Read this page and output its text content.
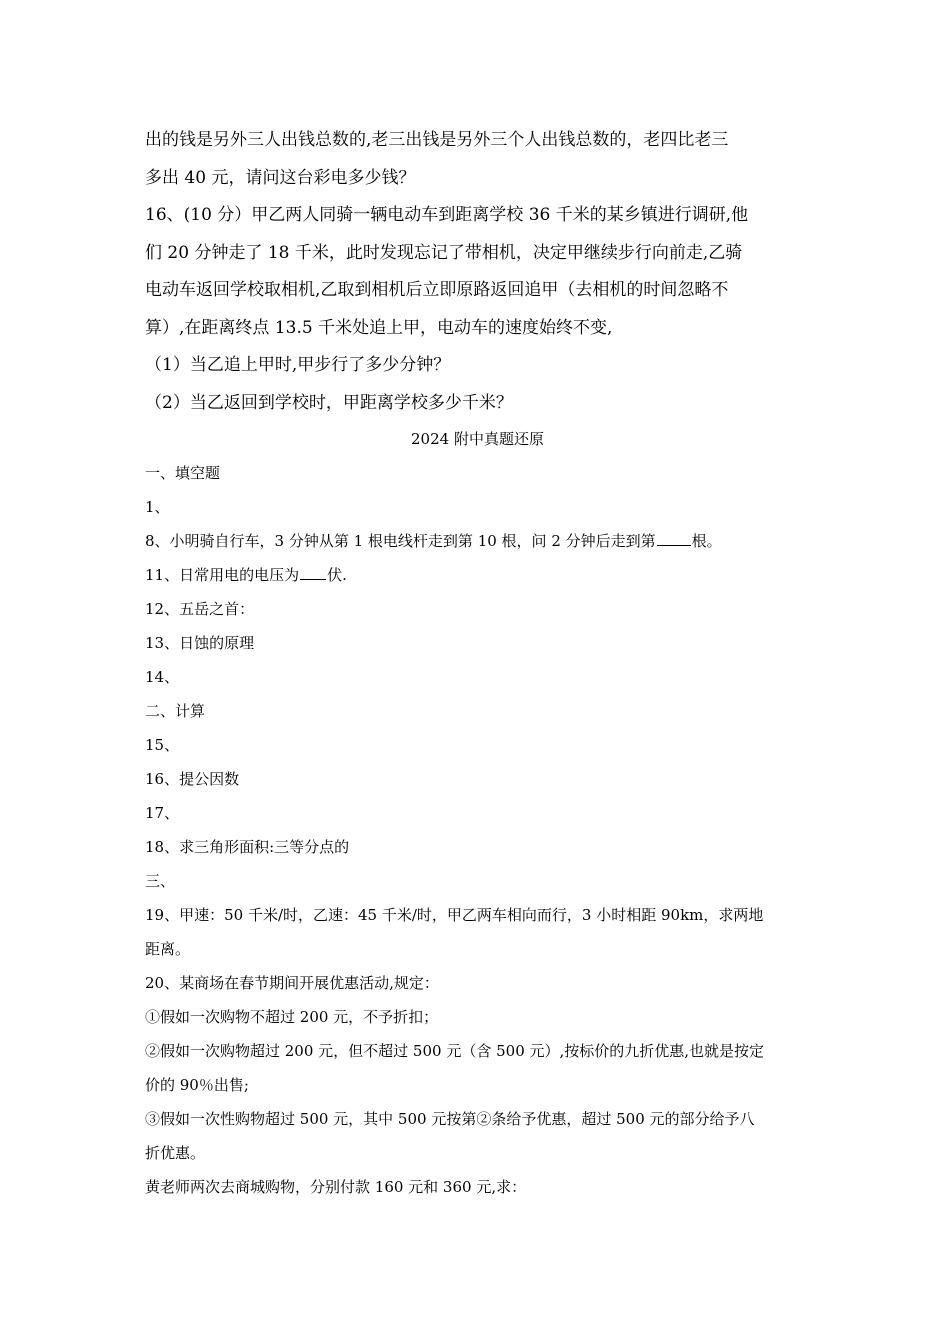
出的钱是另外三人出钱总数的,老三出钱是另外三个人出钱总数的，老四比老三

多出 40 元，请问这台彩电多少钱？

16、(10 分）甲乙两人同骑一辆电动车到距离学校 36 千米的某乡镇进行调研,他

们 20 分钟走了 18 千米，此时发现忘记了带相机，决定甲继续步行向前走,乙骑

电动车返回学校取相机,乙取到相机后立即原路返回追甲（去相机的时间忽略不

算）,在距离终点 13.5 千米处追上甲，电动车的速度始终不变,

（1）当乙追上甲时,甲步行了多少分钟？

（2）当乙返回到学校时，甲距离学校多少千米？

2024 附中真题还原

一、填空题

1、

8、小明骑自行车，3 分钟从第 1 根电线杆走到第 10 根，问 2 分钟后走到第 根。

11、日常用电的电压为 伏.

12、五岳之首：

13、日蚀的原理

14、

二、计算

15、

16、提公因数

17、

18、求三角形面积:三等分点的

三、

19、甲速：50 千米/时，乙速：45 千米/时，甲乙两车相向而行，3 小时相距 90km，求两地

距离。

20、某商场在春节期间开展优惠活动,规定：

①假如一次购物不超过 200 元，不予折扣；

②假如一次购物超过 200 元，但不超过 500 元（含 500 元）,按标价的九折优惠,也就是按定

价的 90％出售;

③假如一次性购物超过 500 元，其中 500 元按第②条给予优惠，超过 500 元的部分给予八

折优惠。

黄老师两次去商城购物，分别付款 160 元和 360 元,求：
